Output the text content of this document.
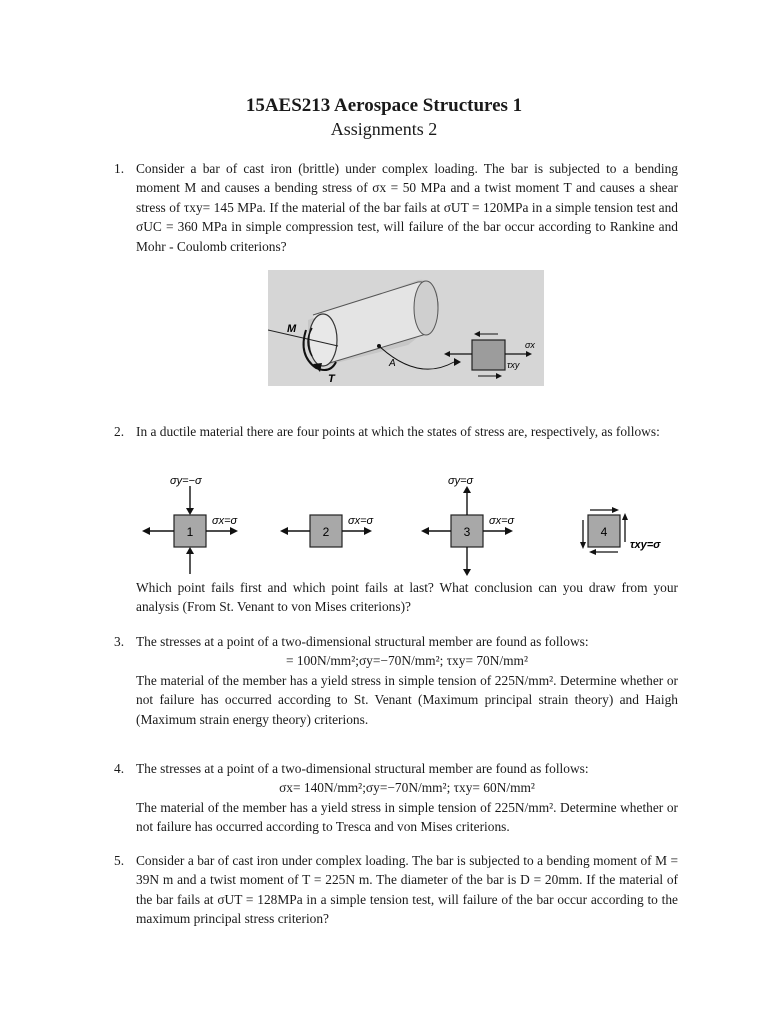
15AES213 Aerospace Structures 1
Assignments 2
1. Consider a bar of cast iron (brittle) under complex loading. The bar is subjected to a bending moment M and causes a bending stress of σx = 50 MPa and a twist moment T and causes a shear stress of τxy= 145 MPa. If the material of the bar fails at σUT = 120MPa in a simple tension test and σUC = 360 MPa in simple compression test, will failure of the bar occur according to Rankine and Mohr - Coulomb criterions?
M
T
A
σx
τxy
2. In a ductile material there are four points at which the states of stress are, respectively, as follows:
1
σy=−σ
σx=σ
2
σx=σ
3
σy=σ
σx=σ
4
τxy=σ
Which point fails first and which point fails at last? What conclusion can you draw from your analysis (From St. Venant to von Mises criterions)?
3. The stresses at a point of a two-dimensional structural member are found as follows:
= 100N/mm²;σy=−70N/mm²; τxy= 70N/mm²
The material of the member has a yield stress in simple tension of 225N/mm². Determine whether or not failure has occurred according to St. Venant (Maximum principal strain theory) and Haigh (Maximum strain energy theory) criterions.
4. The stresses at a point of a two-dimensional structural member are found as follows:
σx= 140N/mm²;σy=−70N/mm²; τxy= 60N/mm²
The material of the member has a yield stress in simple tension of 225N/mm². Determine whether or not failure has occurred according to Tresca and von Mises criterions.
5. Consider a bar of cast iron under complex loading. The bar is subjected to a bending moment of M = 39N m and a twist moment of T = 225N m. The diameter of the bar is D = 20mm. If the material of the bar fails at σUT = 128MPa in a simple tension test, will failure of the bar occur according to the maximum principal stress criterion?
